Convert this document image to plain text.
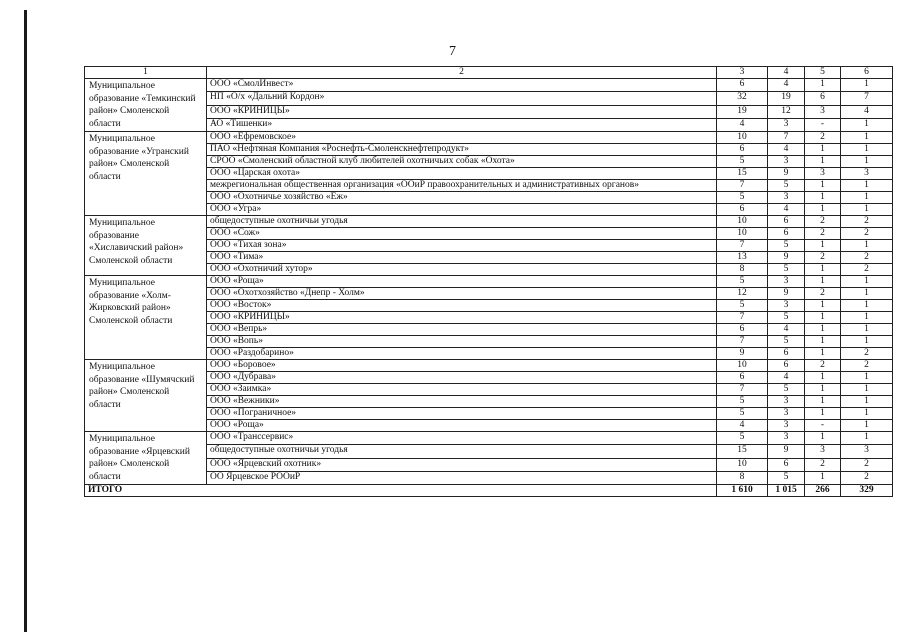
7
1	2	3	4	5	6
Муниципальное образование «Темкинский район» Смоленской области	ООО «СмолИнвест»	6	4	1	1
	НП «О/х «Дальний Кордон»	32	19	6	7
	ООО «КРИНИЦЫ»	19	12	3	4
	АО «Тишенки»	4	3	-	1
Муниципальное образование «Угранский район» Смоленской области	ООО «Ефремовское»	10	7	2	1
	ПАО «Нефтяная Компания «Роснефть-Смоленскнефтепродукт»	6	4	1	1
	СРОО «Смоленский областной клуб любителей охотничьих собак «Охота»	5	3	1	1
	ООО «Царская охота»	15	9	3	3
	межрегиональная общественная организация «ООиР правоохранительных и административных органов»	7	5	1	1
	ООО «Охотничье хозяйство «Еж»	5	3	1	1
	ООО «Угра»	6	4	1	1
Муниципальное образование «Хиславичский район» Смоленской области	общедоступные охотничьи угодья	10	6	2	2
	ООО «Сож»	10	6	2	2
	ООО «Тихая зона»	7	5	1	1
	ООО «Тима»	13	9	2	2
	ООО «Охотничий хутор»	8	5	1	2
Муниципальное образование «Холм-Жирковский район» Смоленской области	ООО «Роща»	5	3	1	1
	ООО «Охотхозяйство «Днепр - Холм»	12	9	2	1
	ООО «Восток»	5	3	1	1
	ООО «КРИНИЦЫ»	7	5	1	1
	ООО «Вепрь»	6	4	1	1
	ООО «Вопь»	7	5	1	1
	ООО «Раздобарино»	9	6	1	2
Муниципальное образование «Шумячский район» Смоленской области	ООО «Боровое»	10	6	2	2
	ООО «Дубрава»	6	4	1	1
	ООО «Заимка»	7	5	1	1
	ООО «Вежники»	5	3	1	1
	ООО «Пограничное»	5	3	1	1
	ООО «Роща»	4	3	-	1
Муниципальное образование «Ярцевский район» Смоленской области	ООО «Транссервис»	5	3	1	1
	общедоступные охотничьи угодья	15	9	3	3
	ООО «Ярцевский охотник»	10	6	2	2
	ОО Ярцевское РООиР	8	5	1	2
ИТОГО		1 610	1 015	266	329
